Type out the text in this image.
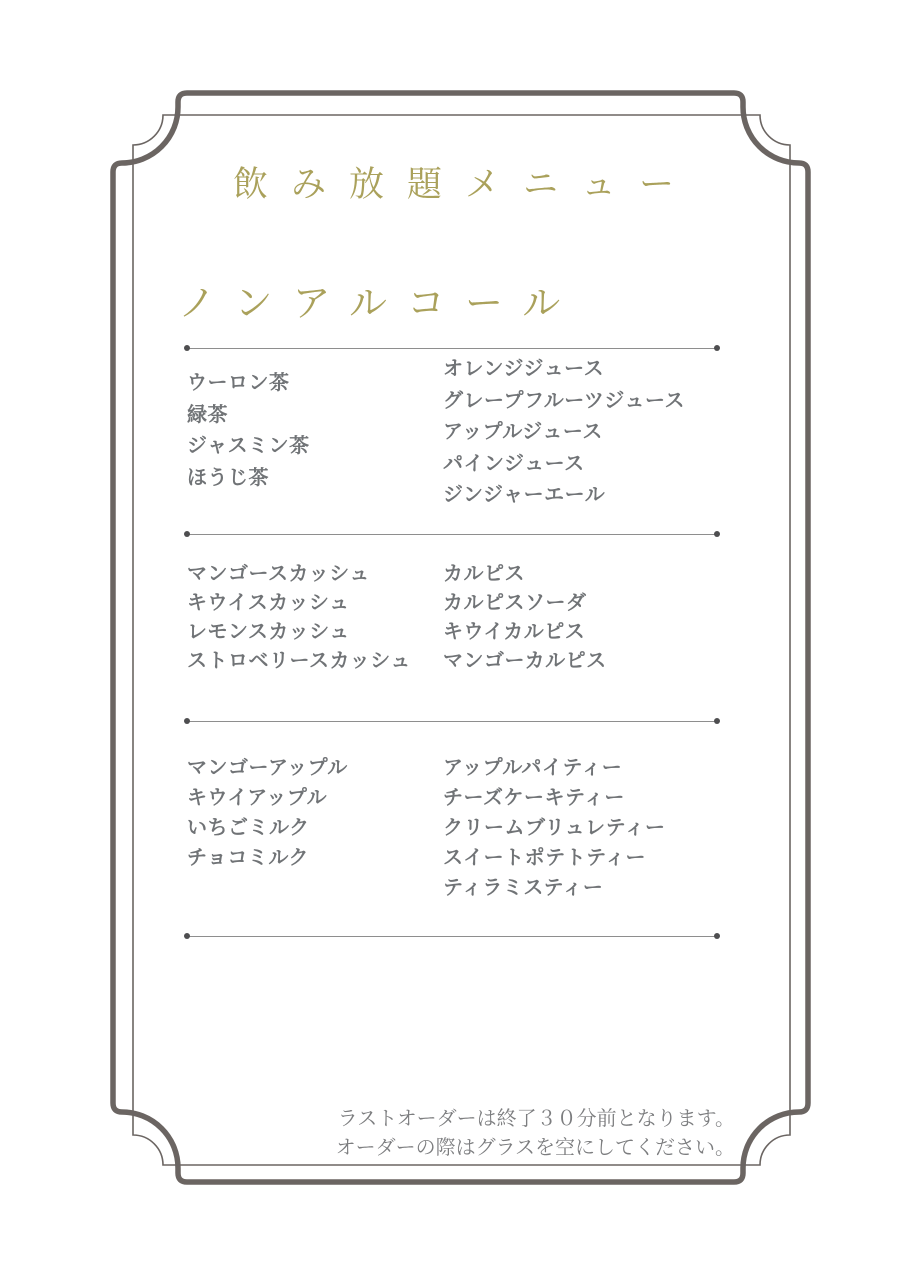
飲み放題メニュー
ノンアルコール
ウーロン茶
緑茶
ジャスミン茶
ほうじ茶
オレンジジュース
グレープフルーツジュース
アップルジュース
パインジュース
ジンジャーエール
マンゴースカッシュ
キウイスカッシュ
レモンスカッシュ
ストロベリースカッシュ
カルピス
カルピスソーダ
キウイカルピス
マンゴーカルピス
マンゴーアップル
キウイアップル
いちごミルク
チョコミルク
アップルパイティー
チーズケーキティー
クリームブリュレティー
スイートポテトティー
ティラミスティー
ラストオーダーは終了３０分前となります。
オーダーの際はグラスを空にしてください。
